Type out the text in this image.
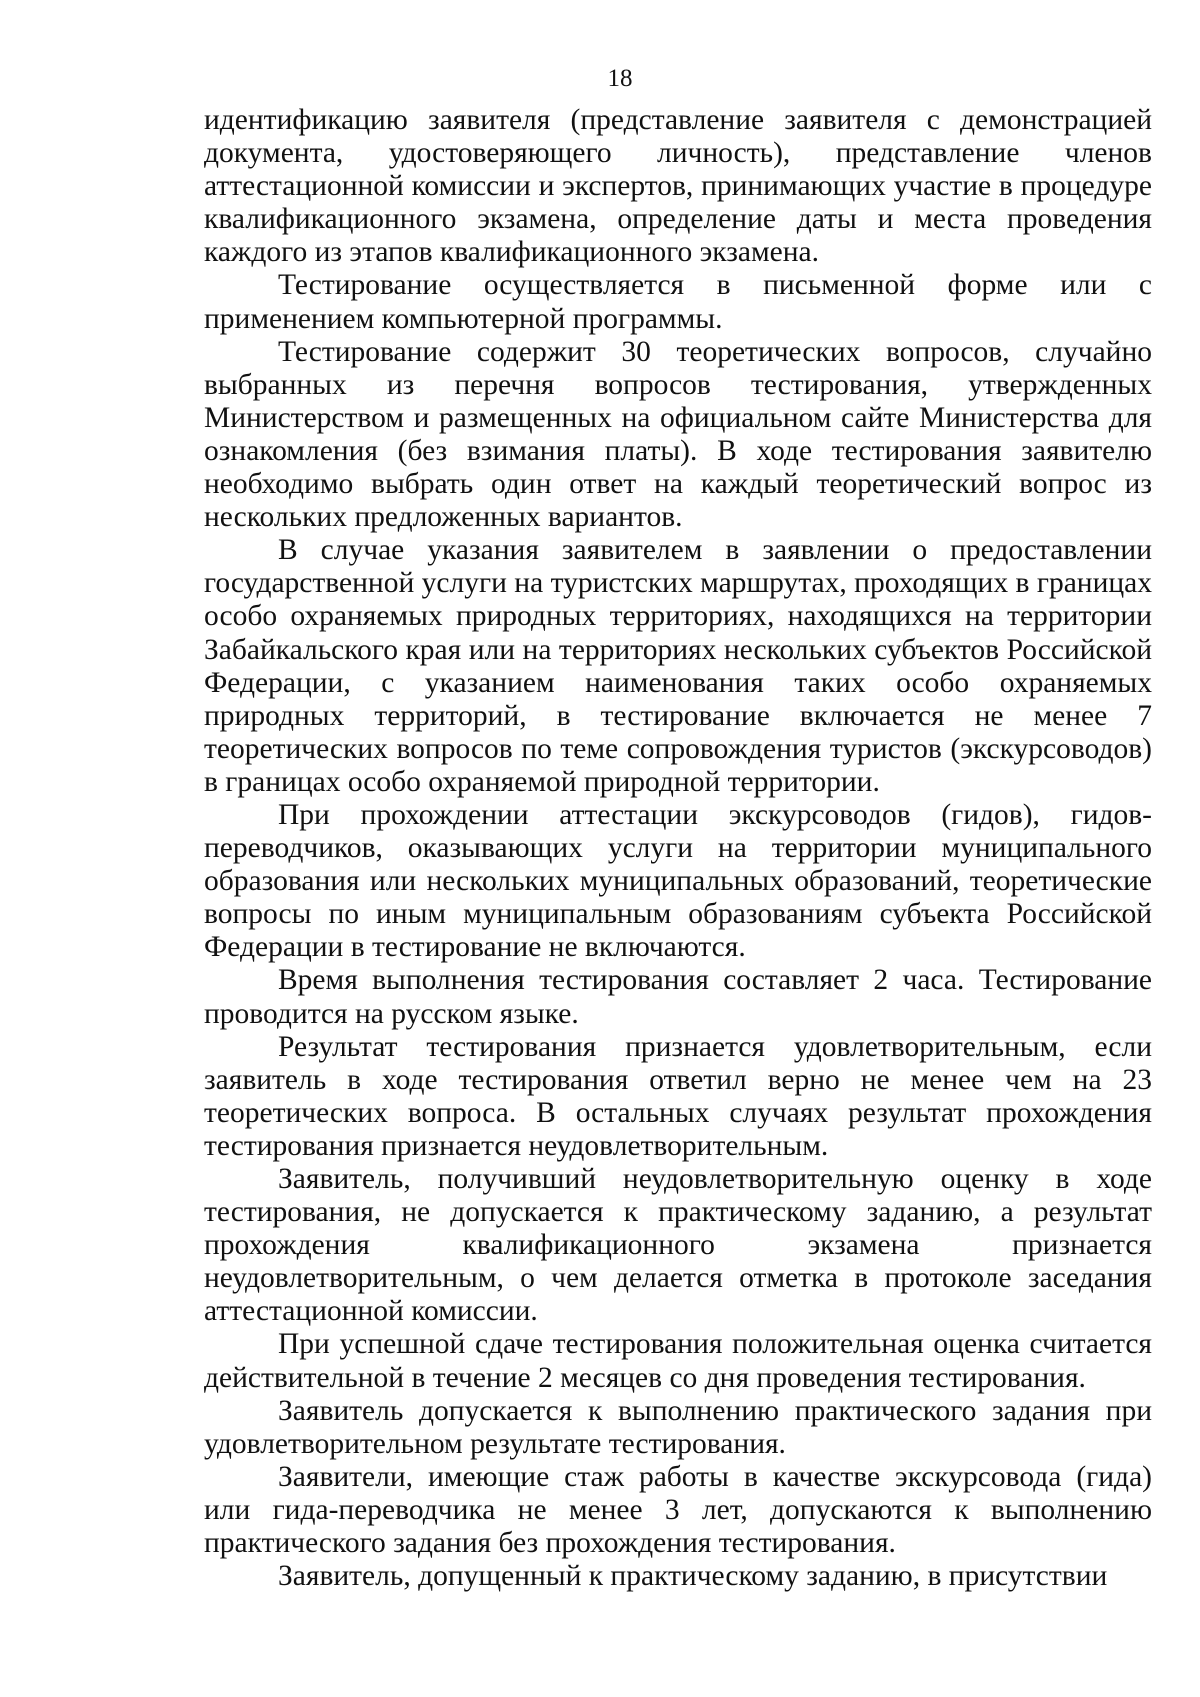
18

идентификацию заявителя (представление заявителя с демонстрацией документа, удостоверяющего личность), представление членов аттестационной комиссии и экспертов, принимающих участие в процедуре квалификационного экзамена, определение даты и места проведения каждого из этапов квалификационного экзамена.

Тестирование осуществляется в письменной форме или с применением компьютерной программы.

Тестирование содержит 30 теоретических вопросов, случайно выбранных из перечня вопросов тестирования, утвержденных Министерством и размещенных на официальном сайте Министерства для ознакомления (без взимания платы). В ходе тестирования заявителю необходимо выбрать один ответ на каждый теоретический вопрос из нескольких предложенных вариантов.

В случае указания заявителем в заявлении о предоставлении государственной услуги на туристских маршрутах, проходящих в границах особо охраняемых природных территориях, находящихся на территории Забайкальского края или на территориях нескольких субъектов Российской Федерации, с указанием наименования таких особо охраняемых природных территорий, в тестирование включается не менее 7 теоретических вопросов по теме сопровождения туристов (экскурсоводов) в границах особо охраняемой природной территории.

При прохождении аттестации экскурсоводов (гидов), гидов-переводчиков, оказывающих услуги на территории муниципального образования или нескольких муниципальных образований, теоретические вопросы по иным муниципальным образованиям субъекта Российской Федерации в тестирование не включаются.

Время выполнения тестирования составляет 2 часа. Тестирование проводится на русском языке.

Результат тестирования признается удовлетворительным, если заявитель в ходе тестирования ответил верно не менее чем на 23 теоретических вопроса. В остальных случаях результат прохождения тестирования признается неудовлетворительным.

Заявитель, получивший неудовлетворительную оценку в ходе тестирования, не допускается к практическому заданию, а результат прохождения квалификационного экзамена признается неудовлетворительным, о чем делается отметка в протоколе заседания аттестационной комиссии.

При успешной сдаче тестирования положительная оценка считается действительной в течение 2 месяцев со дня проведения тестирования.

Заявитель допускается к выполнению практического задания при удовлетворительном результате тестирования.

Заявители, имеющие стаж работы в качестве экскурсовода (гида) или гида-переводчика не менее 3 лет, допускаются к выполнению практического задания без прохождения тестирования.

Заявитель, допущенный к практическому заданию, в присутствии
